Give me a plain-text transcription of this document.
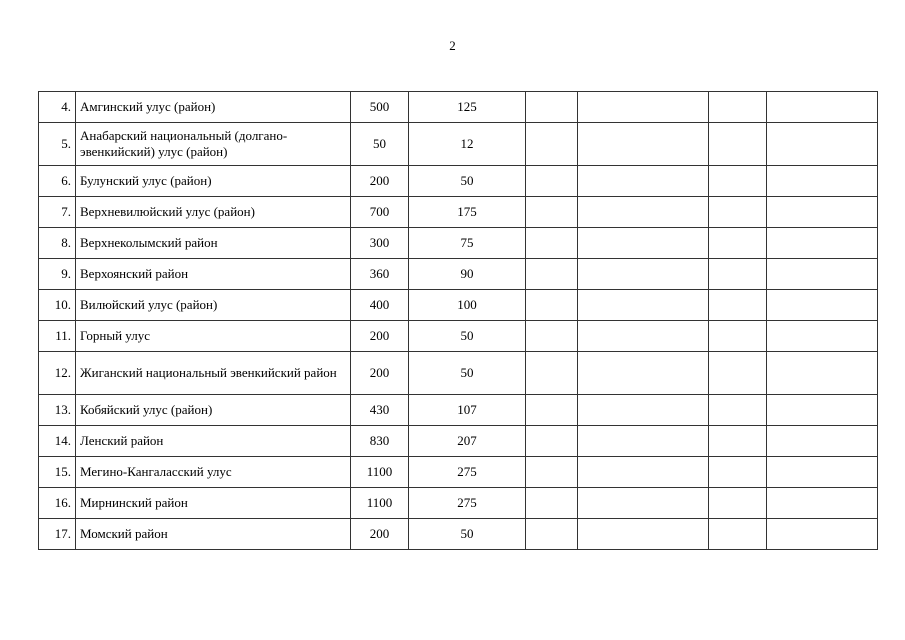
2
4.	Амгинский улус (район)	500	125				
5.	Анабарский национальный (долгано-эвенкийский) улус (район)	50	12				
6.	Булунский улус (район)	200	50				
7.	Верхневилюйский улус (район)	700	175				
8.	Верхнеколымский район	300	75				
9.	Верхоянский район	360	90				
10.	Вилюйский улус (район)	400	100				
11.	Горный улус	200	50				
12.	Жиганский национальный эвенкийский район	200	50				
13.	Кобяйский улус (район)	430	107				
14.	Ленский район	830	207				
15.	Мегино-Кангаласский улус	1100	275				
16.	Мирнинский район	1100	275				
17.	Момский район	200	50				
